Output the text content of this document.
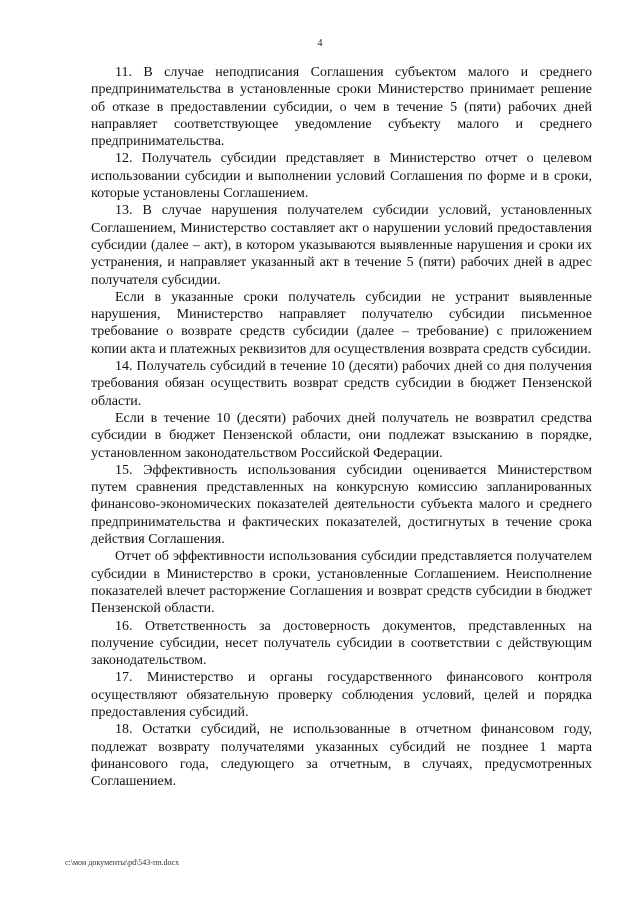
4

11. В случае неподписания Соглашения субъектом малого и среднего предпринимательства в установленные сроки Министерство принимает решение об отказе в предоставлении субсидии, о чем в течение 5 (пяти) рабочих дней направляет соответствующее уведомление субъекту малого и среднего предпринимательства.

12. Получатель субсидии представляет в Министерство отчет о целевом использовании субсидии и выполнении условий Соглашения по форме и в сроки, которые установлены Соглашением.

13. В случае нарушения получателем субсидии условий, установленных Соглашением, Министерство составляет акт о нарушении условий предоставления субсидии (далее – акт), в котором указываются выявленные нарушения и сроки их устранения, и направляет указанный акт в течение 5 (пяти) рабочих дней в адрес получателя субсидии.

Если в указанные сроки получатель субсидии не устранит выявленные нарушения, Министерство направляет получателю субсидии письменное требование о возврате средств субсидии (далее – требование) с приложением копии акта и платежных реквизитов для осуществления возврата средств субсидии.

14. Получатель субсидий в течение 10 (десяти) рабочих дней со дня получения требования обязан осуществить возврат средств субсидии в бюджет Пензенской области.

Если в течение 10 (десяти) рабочих дней получатель не возвратил средства субсидии в бюджет Пензенской области, они подлежат взысканию в порядке, установленном законодательством Российской Федерации.

15. Эффективность использования субсидии оценивается Министерством путем сравнения представленных на конкурсную комиссию запланированных финансово-экономических показателей деятельности субъекта малого и среднего предпринимательства и фактических показателей, достигнутых в течение срока действия Соглашения.

Отчет об эффективности использования субсидии представляется получателем субсидии в Министерство в сроки, установленные Соглашением. Неисполнение показателей влечет расторжение Соглашения и возврат средств субсидии в бюджет Пензенской области.

16. Ответственность за достоверность документов, представленных на получение субсидии, несет получатель субсидии в соответствии с действующим законодательством.

17. Министерство и органы государственного финансового контроля осуществляют обязательную проверку соблюдения условий, целей и порядка предоставления субсидий.

18. Остатки субсидий, не использованные в отчетном финансовом году, подлежат возврату получателями указанных субсидий не позднее 1 марта финансового года, следующего за отчетным, в случаях, предусмотренных Соглашением.

c:\мои документы\pd\543-пп.docx
